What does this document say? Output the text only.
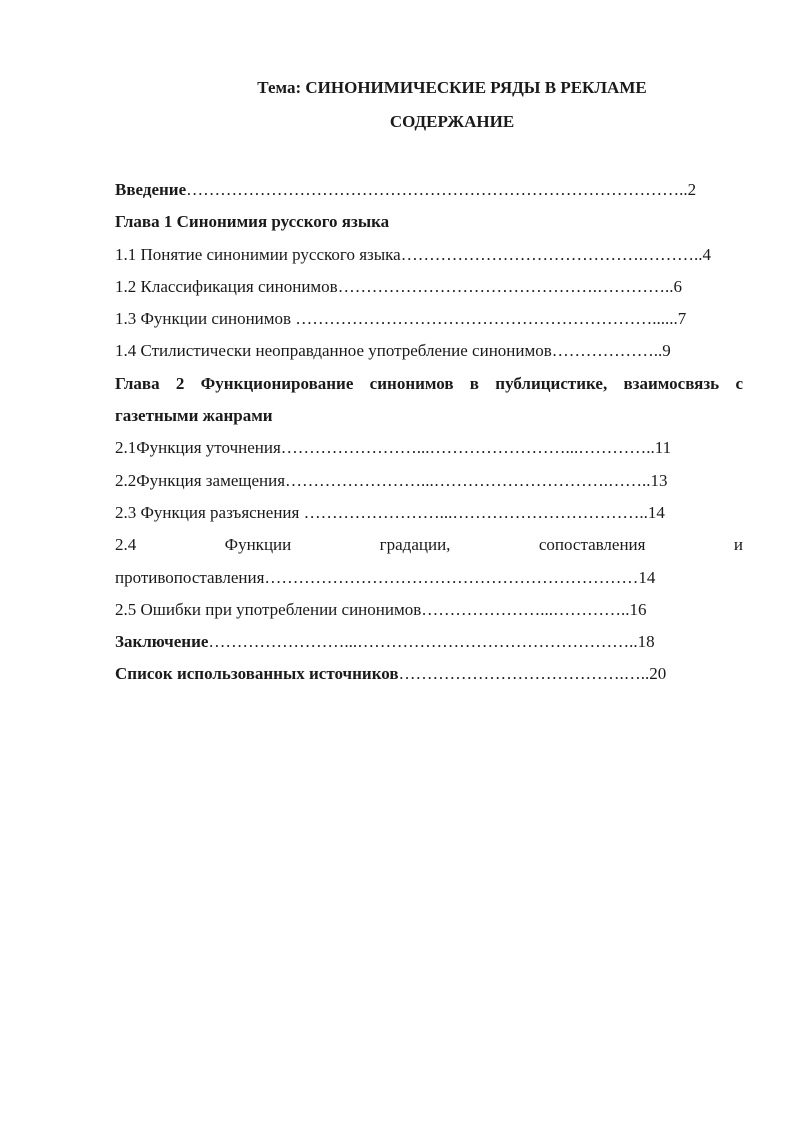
Тема: СИНОНИМИЧЕСКИЕ РЯДЫ В РЕКЛАМЕ
СОДЕРЖАНИЕ
Введение……………………………………………………………………………..2
Глава 1 Синонимия русского языка
1.1 Понятие синонимии русского языка…………………………………….………..4
1.2 Классификация синонимов……………………………………….…………..6
1.3 Функции синонимов ………………………………………………………......7
1.4 Стилистически неоправданное употребление синонимов………………..9
Глава 2 Функционирование синонимов в публицистике, взаимосвязь с
газетными жанрами
2.1Функция уточнения……………………...……………………...…………..11
2.2Функция замещения……………………...………………………….……..13
2.3 Функция разъяснения ……………………...……………………………..14
2.4	Функции	градации,	сопоставления	и
противопоставления…………………………………………………………14
2.5 Ошибки при употреблении синонимов…………………...…………..16
Заключение……………………...…………………………………………..18
Список использованных источников………………………………….…..20
